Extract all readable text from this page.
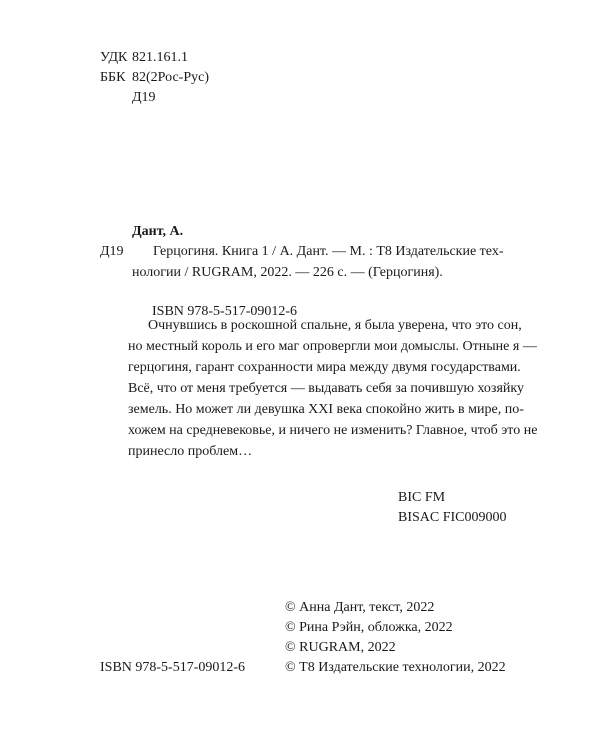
УДК 821.161.1
ББК 82(2Рос-Рус)
Д19
Дант, А.
Д19 Герцогиня. Книга 1 / А. Дант. — М. : Т8 Издательские тех-
нологии / RUGRAM, 2022. — 226 с. — (Герцогиня).
ISBN 978-5-517-09012-6
Очнувшись в роскошной спальне, я была уверена, что это сон,
но местный король и его маг опровергли мои домыслы. Отныне я —
герцогиня, гарант сохранности мира между двумя государствами.
Всё, что от меня требуется — выдавать себя за почившую хозяйку
земель. Но может ли девушка XXI века спокойно жить в мире, по-
хожем на средневековье, и ничего не изменить? Главное, чтоб это не
принесло проблем…
BIC FM
BISAC FIC009000
© Анна Дант, текст, 2022
© Рина Рэйн, обложка, 2022
© RUGRAM, 2022
© Т8 Издательские технологии, 2022
ISBN 978-5-517-09012-6
